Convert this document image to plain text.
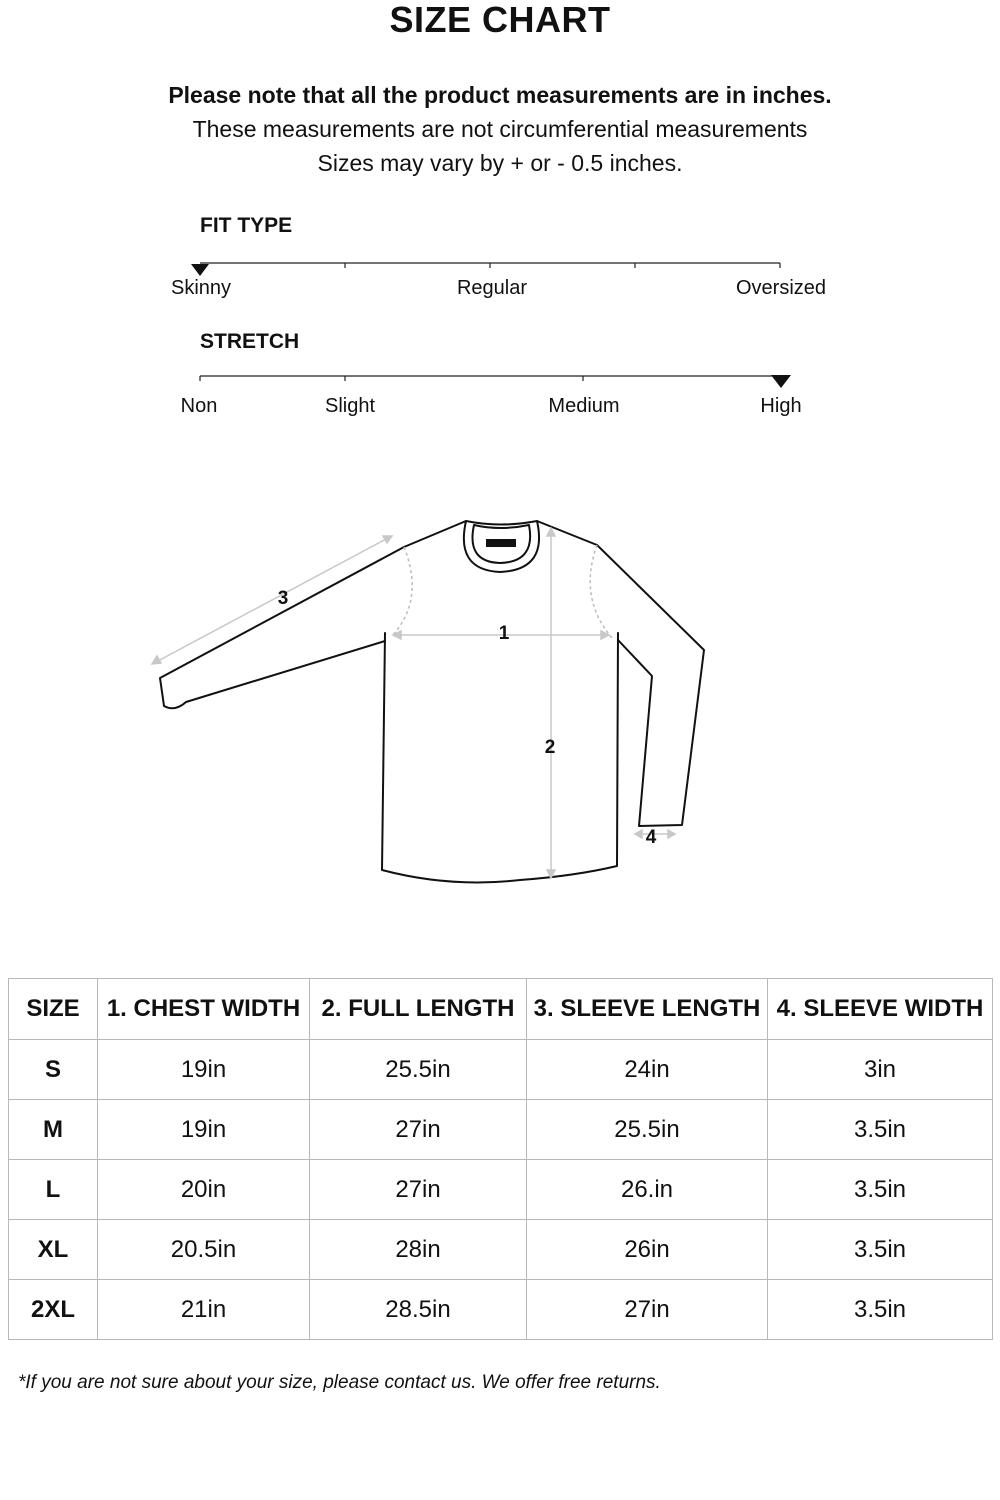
SIZE CHART
Please note that all the product measurements are in inches.
These measurements are not circumferential measurements
Sizes may vary by + or - 0.5 inches.
FIT TYPE
Skinny	Regular	Oversized
STRETCH
Non	Slight	Medium	High
1
2
3
4
SIZE	1. CHEST WIDTH	2. FULL LENGTH	3. SLEEVE LENGTH	4. SLEEVE WIDTH
S	19in	25.5in	24in	3in
M	19in	27in	25.5in	3.5in
L	20in	27in	26.in	3.5in
XL	20.5in	28in	26in	3.5in
2XL	21in	28.5in	27in	3.5in
*If you are not sure about your size, please contact us. We offer free returns.
